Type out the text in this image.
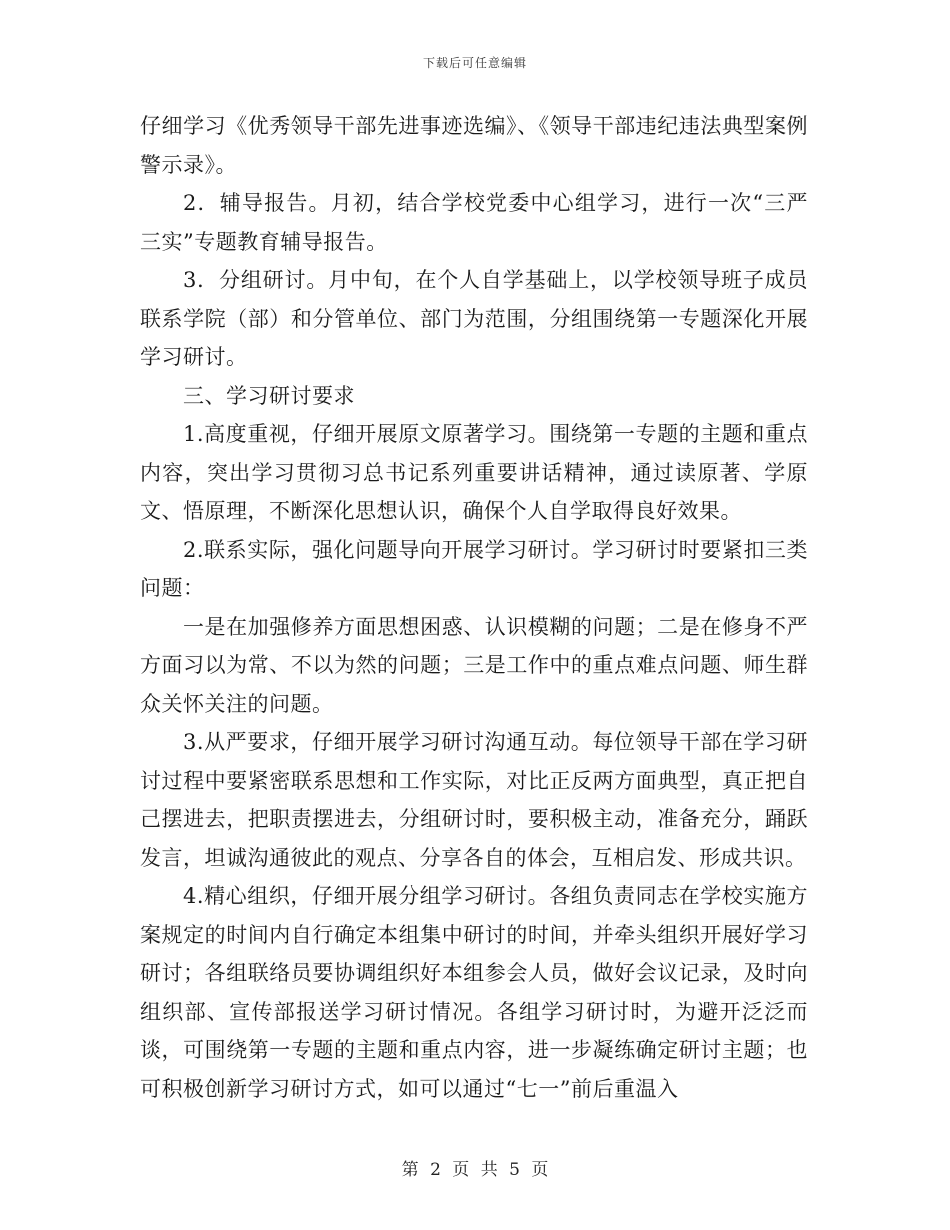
下载后可任意编辑

仔细学习《优秀领导干部先进事迹选编》、《领导干部违纪违法典型案例警示录》。

2．辅导报告。月初，结合学校党委中心组学习，进行一次“三严三实”专题教育辅导报告。

3．分组研讨。月中旬，在个人自学基础上，以学校领导班子成员联系学院（部）和分管单位、部门为范围，分组围绕第一专题深化开展学习研讨。

三、学习研讨要求

1.高度重视，仔细开展原文原著学习。围绕第一专题的主题和重点内容，突出学习贯彻习总书记系列重要讲话精神，通过读原著、学原文、悟原理，不断深化思想认识，确保个人自学取得良好效果。

2.联系实际，强化问题导向开展学习研讨。学习研讨时要紧扣三类问题：

一是在加强修养方面思想困惑、认识模糊的问题；二是在修身不严方面习以为常、不以为然的问题；三是工作中的重点难点问题、师生群众关怀关注的问题。

3.从严要求，仔细开展学习研讨沟通互动。每位领导干部在学习研讨过程中要紧密联系思想和工作实际，对比正反两方面典型，真正把自己摆进去，把职责摆进去，分组研讨时，要积极主动，准备充分，踊跃发言，坦诚沟通彼此的观点、分享各自的体会，互相启发、形成共识。

4.精心组织，仔细开展分组学习研讨。各组负责同志在学校实施方案规定的时间内自行确定本组集中研讨的时间，并牵头组织开展好学习研讨；各组联络员要协调组织好本组参会人员，做好会议记录，及时向组织部、宣传部报送学习研讨情况。各组学习研讨时，为避开泛泛而谈，可围绕第一专题的主题和重点内容，进一步凝练确定研讨主题；也可积极创新学习研讨方式，如可以通过“七一”前后重温入

第 2 页 共 5 页
